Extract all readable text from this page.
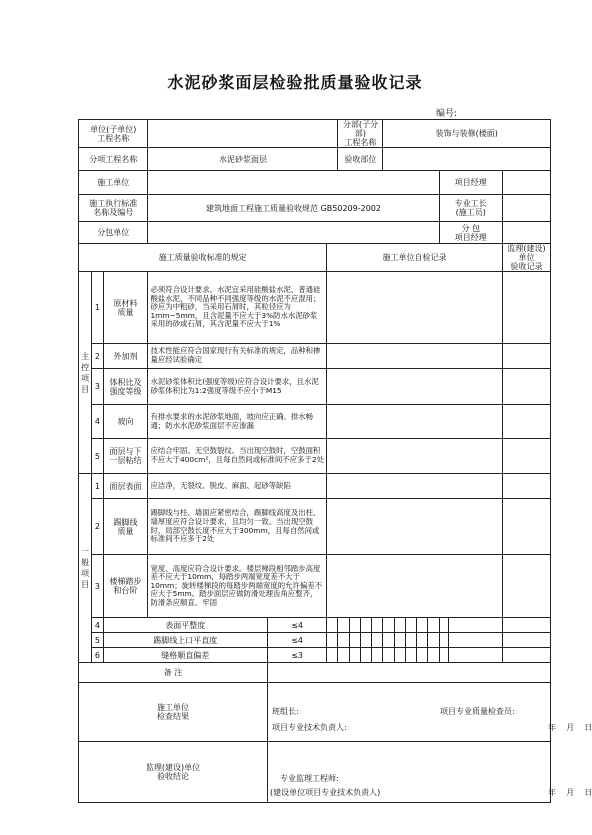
水泥砂浆面层检验批质量验收记录
编号:
单位(子单位)
工程名称						分部(子分部)
工程名称				装饰与装修(楼面)							
分项工程名称			水泥砂浆面层			验收部位											
施工单位															项目经理		
施工执行标准
名称及编号			建筑地面工程施工质量验收规范 GB50209-2002												专业工长
(施工员)		
分包单位															分 包
项目经理		
施工质量验收标准的规定					施工单位自检记录												监理(建设)单位
验收记录
主
控
项
目	1	原材料
质量	必须符合设计要求。水泥宜采用硅酸盐水泥、普通硅酸盐水泥，不同品种不同强度等级的水泥不应混用；砂应为中粗砂，当采用石屑时，其粒径应为1mm~5mm，且含泥量不应大于3%防水水泥砂浆采用的砂或石屑，其含泥量不应大于1%														
	2	外加剂	技术性能应符合国家现行有关标准的规定，品种和掺量应经试验确定														
	3	体积比及
强度等级	水泥砂浆体积比(强度等级)应符合设计要求，且水泥砂浆体积比为1:2强度等级不应小于M15														
	4	坡向	有排水要求的水泥砂浆地面，坡向应正确、排水畅通；防水水泥砂浆面层不应渗漏														
	5	面层与下
一层粘结	应结合牢固、无空鼓裂纹。当出现空鼓时，空鼓面积不应大于400cm²，且每自然间或标准间不应多于2处														
一
般
项
目	1	面层表面	应洁净，无裂纹、脱皮、麻面、起砂等缺陷														
	2	踢脚线
质量	踢脚线与柱、墙面应紧密结合，踢脚线高度及出柱、墙厚度应符合设计要求，且均匀一致。当出现空鼓时，局部空鼓长度不应大于300mm，且每自然间或标准间不应多于2处														
	3	楼梯踏步
和台阶	宽度、高度应符合设计要求。楼层梯段相邻踏步高度差不应大于10mm，每踏步两端宽度差不大于10mm；旋转楼梯段的每踏步两端宽度的允许偏差不应大于5mm。踏步面层应做防滑处理齿角应整齐，防滑条应顺直、牢固														
	4	表面平整度		≤4													
	5	踢脚线上口平直度		≤4													
	6	缝格顺直偏差		≤3													
备 注																	
施工单位
检查结果				班组长: 项目专业质量检查员:
项目专业技术负责人: 年    月    日													

监理(建设)单位
验收结论				专业监理工程师:
(建设单位项目专业技术负责人) 年    月    日													
